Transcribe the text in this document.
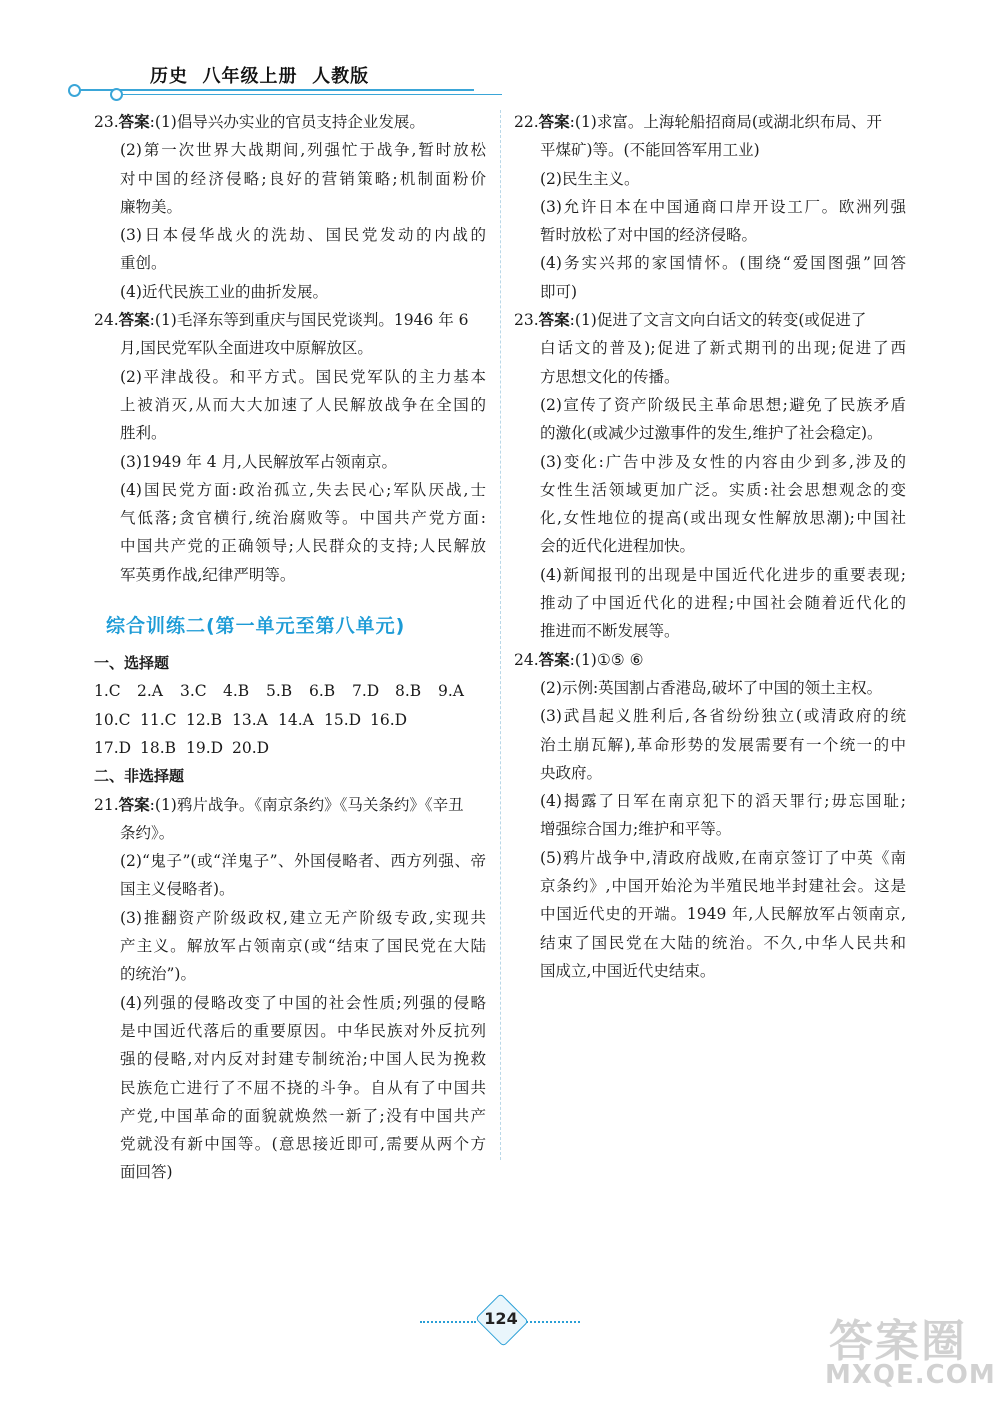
历史  八年级上册  人教版
23.答案:(1)倡导兴办实业的官员支持企业发展。
(2)第一次世界大战期间,列强忙于战争,暂时放松
对中国的经济侵略;良好的营销策略;机制面粉价
廉物美。
(3)日本侵华战火的洗劫、国民党发动的内战的
重创。
(4)近代民族工业的曲折发展。
24.答案:(1)毛泽东等到重庆与国民党谈判。1946 年 6
月,国民党军队全面进攻中原解放区。
(2)平津战役。和平方式。国民党军队的主力基本
上被消灭,从而大大加速了人民解放战争在全国的
胜利。
(3)1949 年 4 月,人民解放军占领南京。
(4)国民党方面:政治孤立,失去民心;军队厌战,士
气低落;贪官横行,统治腐败等。中国共产党方面:
中国共产党的正确领导;人民群众的支持;人民解放
军英勇作战,纪律严明等。
综合训练二(第一单元至第八单元)
一、选择题
1.C	2.A	3.C	4.B	5.B	6.B	7.D	8.B	9.A
10.C 11.C 12.B 13.A 14.A 15.D 16.D
17.D 18.B 19.D 20.D
二、非选择题
21.答案:(1)鸦片战争。《南京条约》《马关条约》《辛丑
条约》。
(2)“鬼子”(或“洋鬼子”、外国侵略者、西方列强、帝
国主义侵略者)。
(3)推翻资产阶级政权,建立无产阶级专政,实现共
产主义。解放军占领南京(或“结束了国民党在大陆
的统治”)。
(4)列强的侵略改变了中国的社会性质;列强的侵略
是中国近代落后的重要原因。中华民族对外反抗列
强的侵略,对内反对封建专制统治;中国人民为挽救
民族危亡进行了不屈不挠的斗争。自从有了中国共
产党,中国革命的面貌就焕然一新了;没有中国共产
党就没有新中国等。(意思接近即可,需要从两个方
面回答)
22.答案:(1)求富。上海轮船招商局(或湖北织布局、开
平煤矿)等。(不能回答军用工业)
(2)民生主义。
(3)允许日本在中国通商口岸开设工厂。欧洲列强
暂时放松了对中国的经济侵略。
(4)务实兴邦的家国情怀。(围绕“爱国图强”回答
即可)
23.答案:(1)促进了文言文向白话文的转变(或促进了
白话文的普及);促进了新式期刊的出现;促进了西
方思想文化的传播。
(2)宣传了资产阶级民主革命思想;避免了民族矛盾
的激化(或减少过激事件的发生,维护了社会稳定)。
(3)变化:广告中涉及女性的内容由少到多,涉及的
女性生活领域更加广泛。实质:社会思想观念的变
化,女性地位的提高(或出现女性解放思潮);中国社
会的近代化进程加快。
(4)新闻报刊的出现是中国近代化进步的重要表现;
推动了中国近代化的进程;中国社会随着近代化的
推进而不断发展等。
24.答案:(1)①⑤ ⑥
(2)示例:英国割占香港岛,破坏了中国的领土主权。
(3)武昌起义胜利后,各省纷纷独立(或清政府的统
治土崩瓦解),革命形势的发展需要有一个统一的中
央政府。
(4)揭露了日军在南京犯下的滔天罪行;毋忘国耻;
增强综合国力;维护和平等。
(5)鸦片战争中,清政府战败,在南京签订了中英《南
京条约》,中国开始沦为半殖民地半封建社会。这是
中国近代史的开端。1949 年,人民解放军占领南京,
结束了国民党在大陆的统治。不久,中华人民共和
国成立,中国近代史结束。
124	答案圈
MXQE.COM
